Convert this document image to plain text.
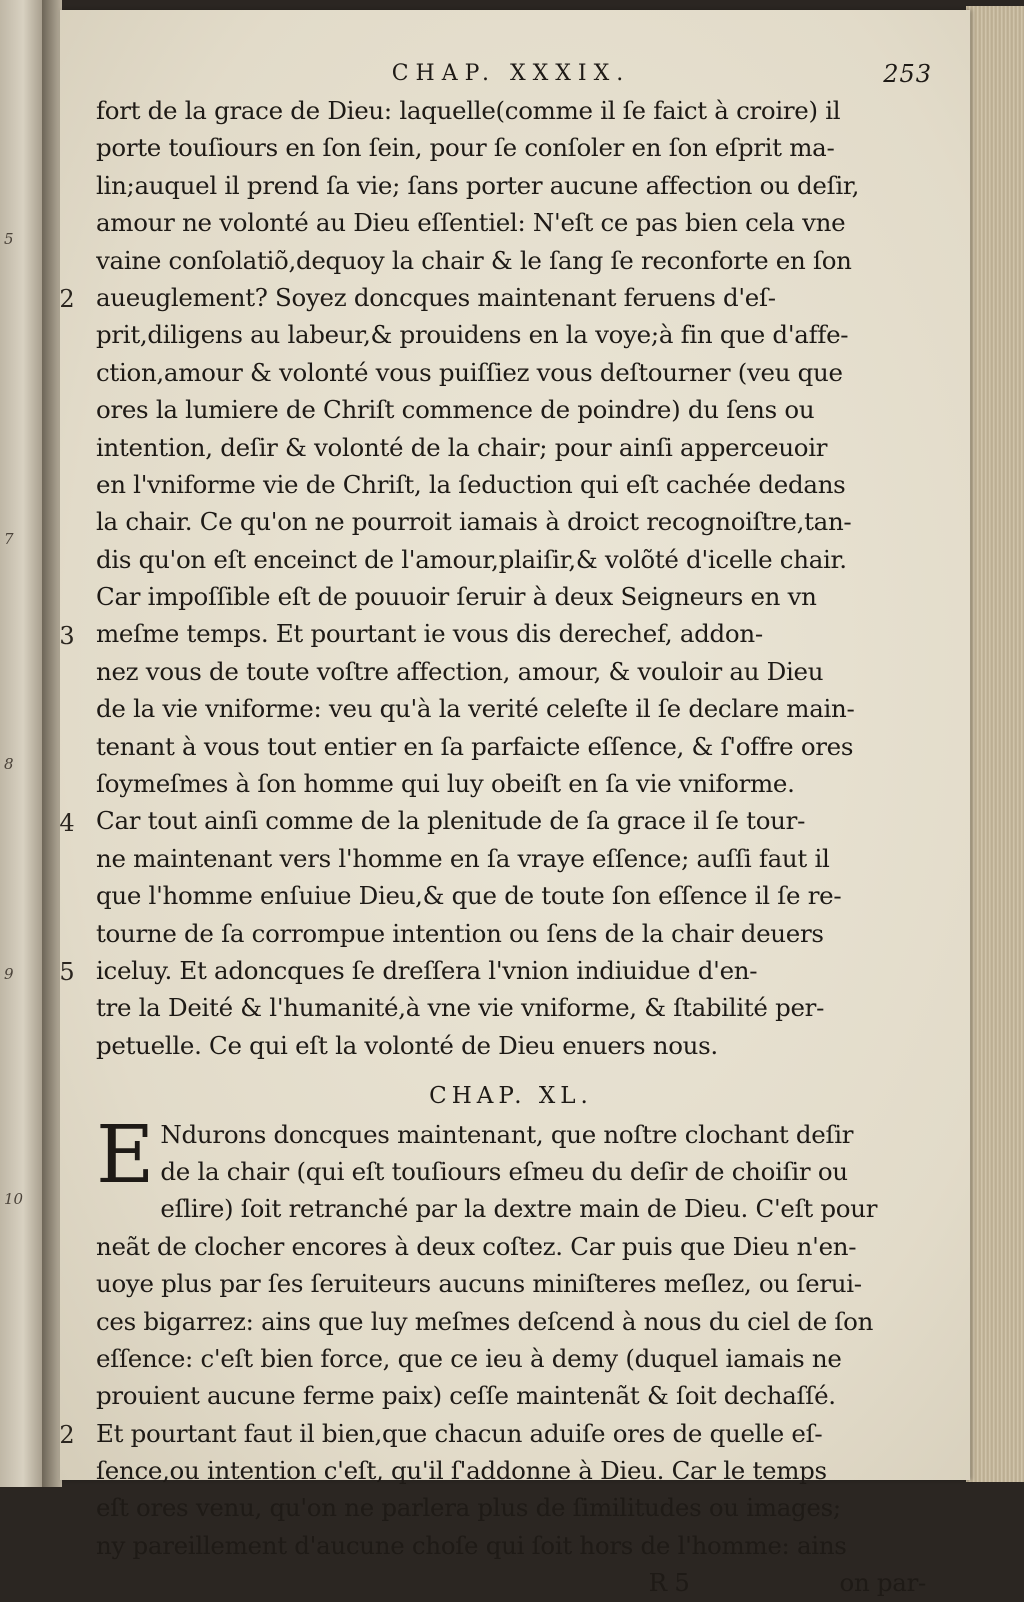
5
7
8
9
10
CHAP. XXXIX.	253
fort de la grace de Dieu: laquelle(comme il ſe faict à croire) il
porte touſiours en ſon ſein, pour ſe conſoler en ſon eſprit ma-
lin;auquel il prend ſa vie; ſans porter aucune affection ou deſir,
amour ne volonté au Dieu eſſentiel: N'eſt ce pas bien cela vne
vaine conſolatiõ,dequoy la chair & le ſang ſe reconforte en ſon
aueuglement? Soyez doncques maintenant feruens d'eſ-
2
prit,diligens au labeur,& prouidens en la voye;à fin que d'affe-
ction,amour & volonté vous puiſſiez vous deſtourner (veu que
ores la lumiere de Chriſt commence de poindre) du ſens ou
intention, deſir & volonté de la chair; pour ainſi apperceuoir
en l'vniforme vie de Chriſt, la ſeduction qui eſt cachée dedans
la chair. Ce qu'on ne pourroit iamais à droict recognoiſtre,tan-
dis qu'on eſt enceinct de l'amour,plaiſir,& volõté d'icelle chair.
Car impoſſible eſt de pouuoir ſeruir à deux Seigneurs en vn
meſme temps. Et pourtant ie vous dis derechef, addon-
3
nez vous de toute voſtre affection, amour, & vouloir au Dieu
de la vie vniforme: veu qu'à la verité celeſte il ſe declare main-
tenant à vous tout entier en ſa parfaicte eſſence, & ſ'offre ores
ſoymeſmes à ſon homme qui luy obeiſt en ſa vie vniforme.
Car tout ainſi comme de la plenitude de ſa grace il ſe tour-
4
ne maintenant vers l'homme en ſa vraye eſſence; auſſi faut il
que l'homme enſuiue Dieu,& que de toute ſon eſſence il ſe re-
tourne de ſa corrompue intention ou ſens de la chair deuers
iceluy. Et adoncques ſe dreſſera l'vnion indiuidue d'en-
5
tre la Deité & l'humanité,à vne vie vniforme, & ſtabilité per-
petuelle. Ce qui eſt la volonté de Dieu enuers nous.
CHAP. XL.
E Ndurons doncques maintenant, que noſtre clochant deſir
de la chair (qui eſt touſiours eſmeu du deſir de choiſir ou
eſlire) ſoit retranché par la dextre main de Dieu. C'eſt pour
neãt de clocher encores à deux coſtez. Car puis que Dieu n'en-
uoye plus par ſes ſeruiteurs aucuns miniſteres meſlez, ou ſerui-
ces bigarrez: ains que luy meſmes deſcend à nous du ciel de ſon
eſſence: c'eſt bien force, que ce ieu à demy (duquel iamais ne
prouient aucune ferme paix) ceſſe maintenãt & ſoit dechaſſé.
Et pourtant faut il bien,que chacun aduiſe ores de quelle eſ-
2
ſence,ou intention c'eſt, qu'il ſ'addonne à Dieu. Car le temps
eſt ores venu, qu'on ne parlera plus de ſimilitudes ou images;
ny pareillement d'aucune choſe qui ſoit hors de l'homme: ains
R 5	on par-
